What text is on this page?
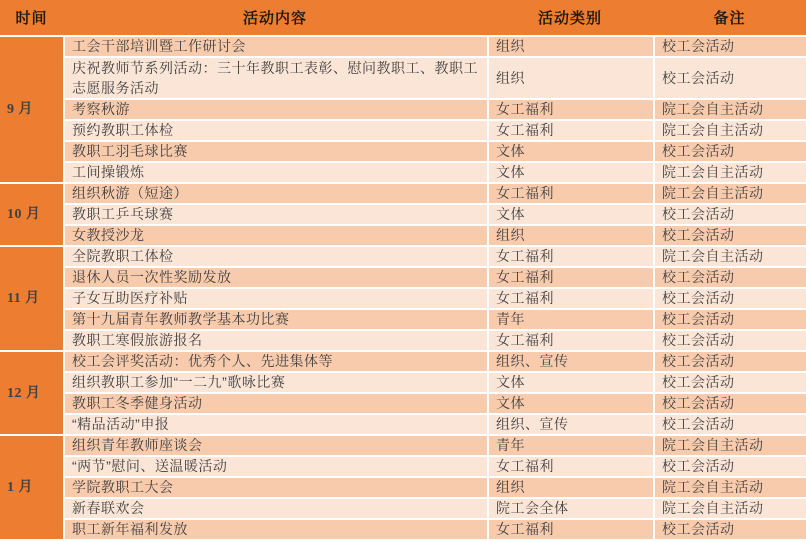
时间	活动内容	活动类别	备注
9 月	工会干部培训暨工作研讨会	组织	校工会活动
	庆祝教师节系列活动：三十年教职工表彰、慰问教职工、教职工志愿服务活动	组织	校工会活动
	考察秋游	女工福利	院工会自主活动
	预约教职工体检	女工福利	院工会自主活动
	教职工羽毛球比赛	文体	校工会活动
	工间操锻炼	文体	院工会自主活动
10 月	组织秋游（短途）	女工福利	院工会自主活动
	教职工乒乓球赛	文体	校工会活动
	女教授沙龙	组织	校工会活动
11 月	全院教职工体检	女工福利	院工会自主活动
	退休人员一次性奖励发放	女工福利	校工会活动
	子女互助医疗补贴	女工福利	校工会活动
	第十九届青年教师教学基本功比赛	青年	校工会活动
	教职工寒假旅游报名	女工福利	校工会活动
12 月	校工会评奖活动：优秀个人、先进集体等	组织、宣传	校工会活动
	组织教职工参加“一二九”歌咏比赛	文体	校工会活动
	教职工冬季健身活动	文体	校工会活动
	“精品活动”申报	组织、宣传	校工会活动
1 月	组织青年教师座谈会	青年	院工会自主活动
	“两节”慰问、送温暖活动	女工福利	校工会活动
	学院教职工大会	组织	院工会自主活动
	新春联欢会	院工会全体	院工会自主活动
	职工新年福利发放	女工福利	校工会活动
